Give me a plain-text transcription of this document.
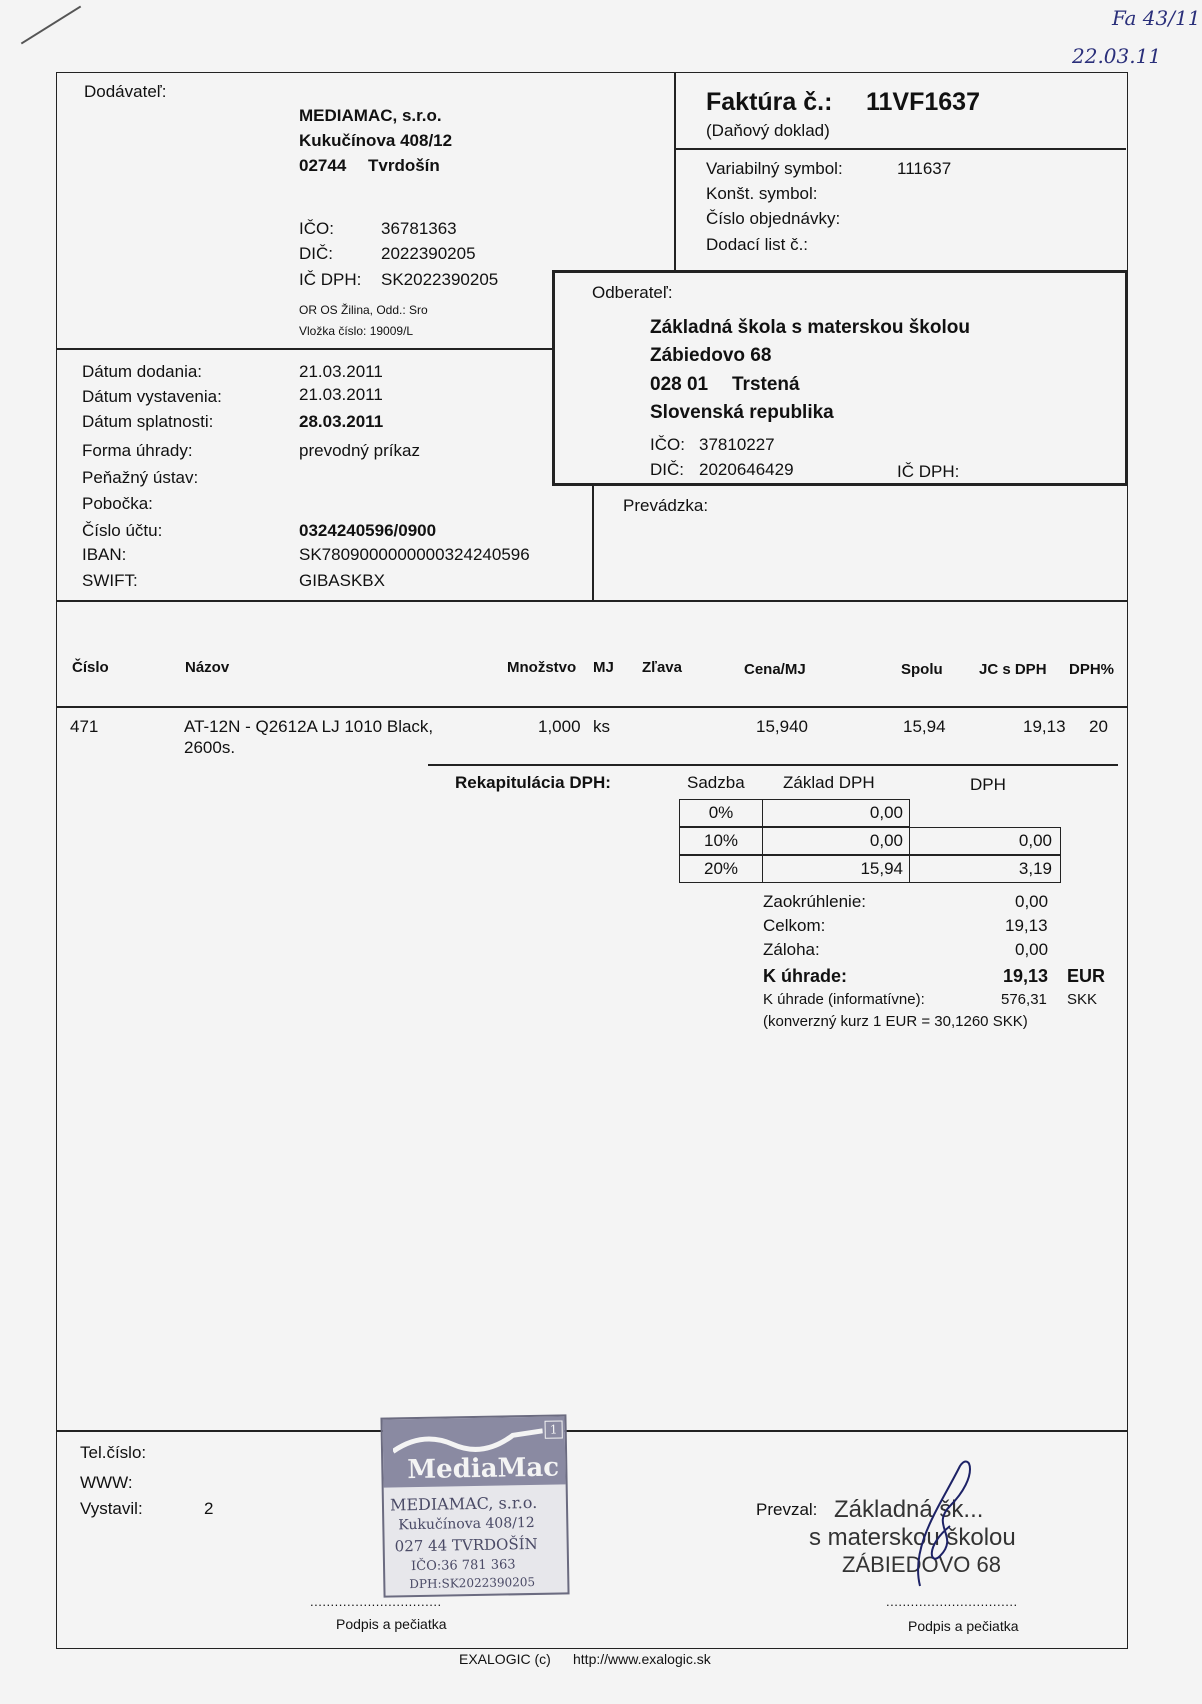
Fa 43/11
22.03.11
Dodávateľ:
MEDIAMAC, s.r.o.
Kukučínova 408/12
02744 Tvrdošín
IČO:	36781363
DIČ:	2022390205
IČ DPH: SK2022390205
OR OS Žilina, Odd.: Sro
Vložka číslo: 19009/L
Faktúra č.: 11VF1637
(Daňový doklad)
Variabilný symbol:	111637
Konšt. symbol:
Číslo objednávky:
Dodací list č.:
Odberateľ:
Základná škola s materskou školou
Zábiedovo 68
028 01 Trstená
Slovenská republika
IČO: 37810227
DIČ: 2020646429	IČ DPH:
Prevádzka:
Dátum dodania:	21.03.2011
Dátum vystavenia:	21.03.2011
Dátum splatnosti:	28.03.2011
Forma úhrady:	prevodný príkaz
Peňažný ústav:
Pobočka:
Číslo účtu:	0324240596/0900
IBAN:	SK7809000000000324240596
SWIFT:	GIBASKBX
Číslo	Názov	Množstvo MJ Zľava	Cena/MJ	Spolu JC s DPH DPH%
471	AT-12N - Q2612A LJ 1010 Black,
2600s.
1,000 ks	15,940	15,94	19,13 20
Rekapitulácia DPH:	Sadzba Základ DPH	DPH
0%	0,00
10%	0,00	0,00
20%	15,94	3,19
Zaokrúhlenie:	0,00
Celkom:	19,13
Záloha:	0,00
K úhrade:	19,13 EUR
K úhrade (informatívne):	576,31 SKK
(konverzný kurz 1 EUR = 30,1260 SKK)
Tel.číslo:
WWW:
Vystavil:	2	Prevzal:
................................	................................
Podpis a pečiatka	Podpis a pečiatka
EXALOGIC (c) http://www.exalogic.sk
1
MediaMac
MEDIAMAC, s.r.o.
Kukučínova 408/12
027 44 TVRDOŠÍN
IČO:36 781 363
DPH:SK2022390205
Základná šk...
s materskou školou
ZÁBIEDOVO 68
